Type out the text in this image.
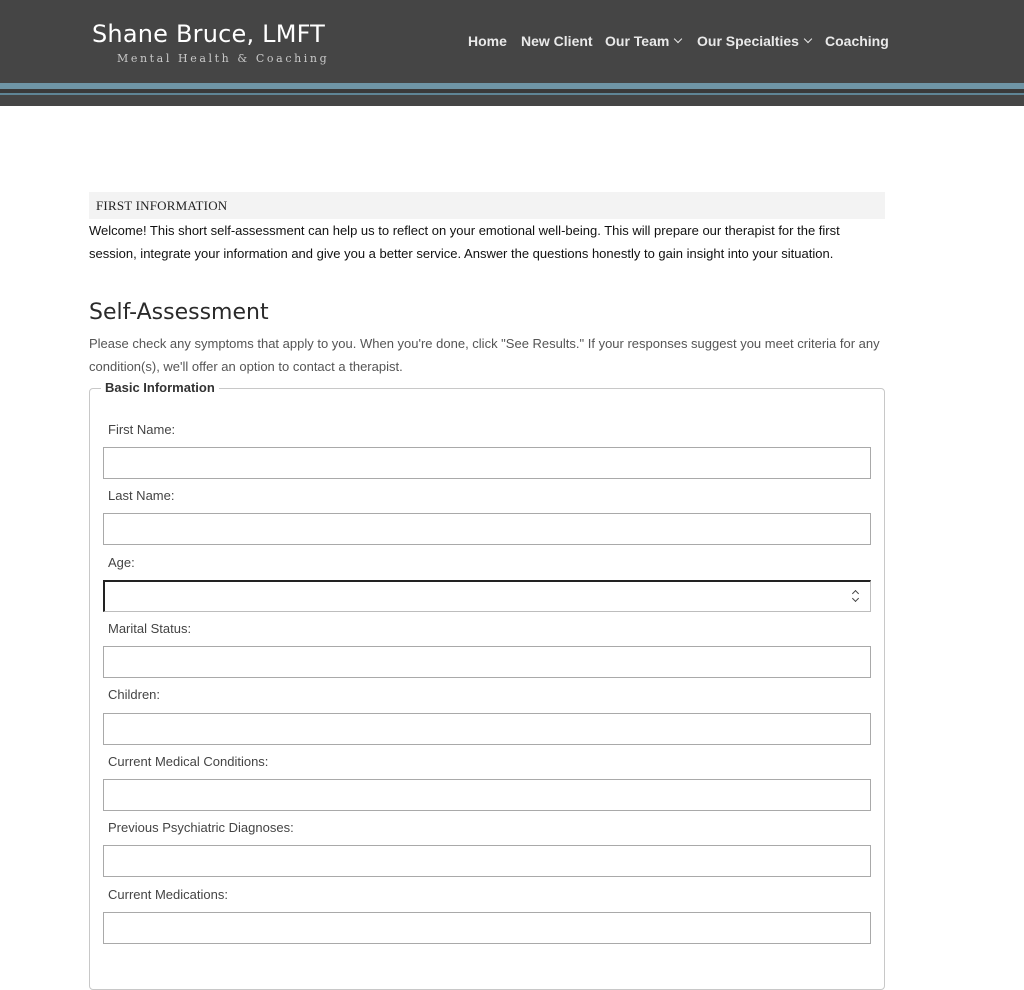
Shane Bruce, LMFT
Mental Health & Coaching
Home New Client Our Team Our Specialties Coaching
FIRST INFORMATION
Welcome! This short self-assessment can help us to reflect on your emotional well-being. This will prepare our therapist for the first session, integrate your information and give you a better service. Answer the questions honestly to gain insight into your situation.
Self-Assessment
Please check any symptoms that apply to you. When you're done, click "See Results." If your responses suggest you meet criteria for any condition(s), we'll offer an option to contact a therapist.
Basic Information
First Name:
Last Name:
Age:
Marital Status:
Children:
Current Medical Conditions:
Previous Psychiatric Diagnoses:
Current Medications:
